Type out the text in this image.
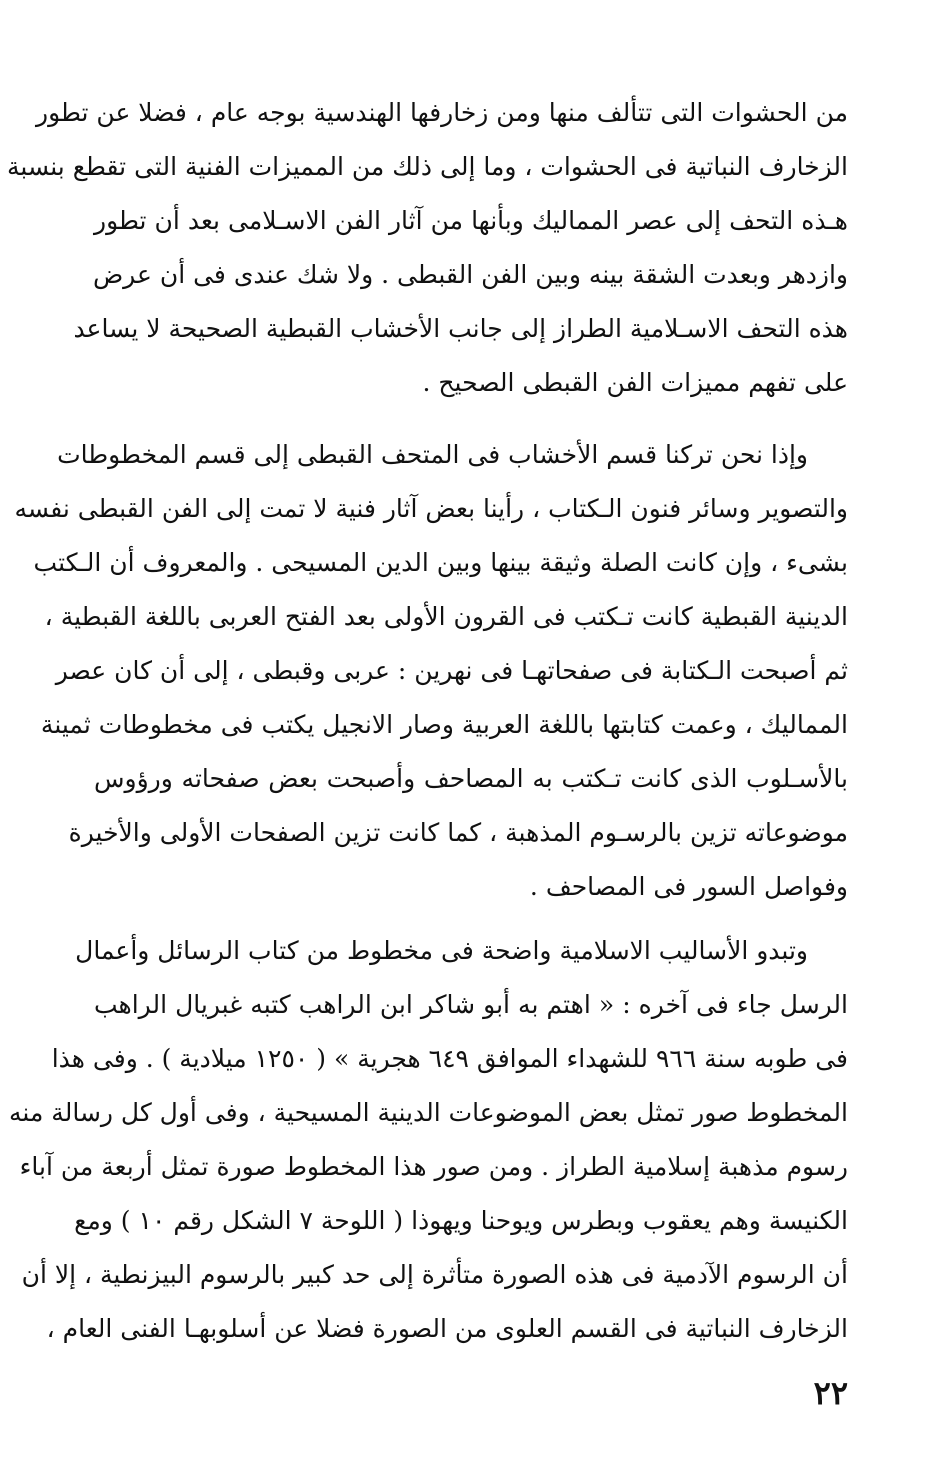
من الحشوات التى تتألف منها ومن زخارفها الهندسية بوجه عام ، فضلا عن تطور
الزخارف النباتية فى الحشوات ، وما إلى ذلك من المميزات الفنية التى تقطع بنسبة
هـذه التحف إلى عصر المماليك وبأنها من آثار الفن الاسـلامى بعد أن تطور
وازدهر وبعدت الشقة بينه وبين الفن القبطى . ولا شك عندى فى أن عرض
هذه التحف الاسـلامية الطراز إلى جانب الأخشاب القبطية الصحيحة لا يساعد
على تفهم مميزات الفن القبطى الصحيح .
وإذا نحن تركنا قسم الأخشاب فى المتحف القبطى إلى قسم المخطوطات
والتصوير وسائر فنون الـكتاب ، رأينا بعض آثار فنية لا تمت إلى الفن القبطى نفسه
بشىء ، وإن كانت الصلة وثيقة بينها وبين الدين المسيحى . والمعروف أن الـكتب
الدينية القبطية كانت تـكتب فى القرون الأولى بعد الفتح العربى باللغة القبطية ،
ثم أصبحت الـكتابة فى صفحاتهـا فى نهرين : عربى وقبطى ، إلى أن كان عصر
المماليك ، وعمت كتابتها باللغة العربية وصار الانجيل يكتب فى مخطوطات ثمينة
بالأسـلوب الذى كانت تـكتب به المصاحف وأصبحت بعض صفحاته ورؤوس
موضوعاته تزين بالرسـوم المذهبة ، كما كانت تزين الصفحات الأولى والأخيرة
وفواصل السور فى المصاحف .
وتبدو الأساليب الاسلامية واضحة فى مخطوط من كتاب الرسائل وأعمال
الرسل جاء فى آخره : « اهتم به أبو شاكر ابن الراهب كتبه غبريال الراهب
فى طوبه سنة ٩٦٦ للشهداء الموافق ٦٤٩ هجرية » ( ١٢٥٠ ميلادية ) . وفى هذا
المخطوط صور تمثل بعض الموضوعات الدينية المسيحية ، وفى أول كل رسالة منه
رسوم مذهبة إسلامية الطراز . ومن صور هذا المخطوط صورة تمثل أربعة من آباء
الكنيسة وهم يعقوب وبطرس ويوحنا ويهوذا ( اللوحة ٧ الشكل رقم ١٠ ) ومع
أن الرسوم الآدمية فى هذه الصورة متأثرة إلى حد كبير بالرسوم البيزنطية ، إلا أن
الزخارف النباتية فى القسم العلوى من الصورة فضلا عن أسلوبهـا الفنى العام ،
٢٢
